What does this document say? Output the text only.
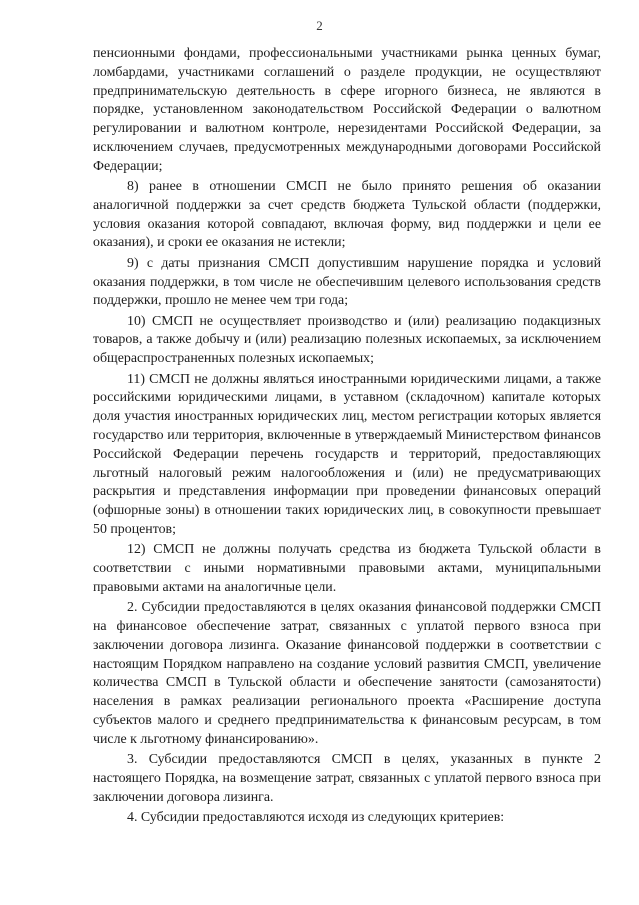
2

пенсионными фондами, профессиональными участниками рынка ценных бумаг, ломбардами, участниками соглашений о разделе продукции, не осуществляют предпринимательскую деятельность в сфере игорного бизнеса, не являются в порядке, установленном законодательством Российской Федерации о валютном регулировании и валютном контроле, нерезидентами Российской Федерации, за исключением случаев, предусмотренных международными договорами Российской Федерации;

8) ранее в отношении СМСП не было принято решения об оказании аналогичной поддержки за счет средств бюджета Тульской области (поддержки, условия оказания которой совпадают, включая форму, вид поддержки и цели ее оказания), и сроки ее оказания не истекли;

9) с даты признания СМСП допустившим нарушение порядка и условий оказания поддержки, в том числе не обеспечившим целевого использования средств поддержки, прошло не менее чем три года;

10) СМСП не осуществляет производство и (или) реализацию подакцизных товаров, а также добычу и (или) реализацию полезных ископаемых, за исключением общераспространенных полезных ископаемых;

11) СМСП не должны являться иностранными юридическими лицами, а также российскими юридическими лицами, в уставном (складочном) капитале которых доля участия иностранных юридических лиц, местом регистрации которых является государство или территория, включенные в утверждаемый Министерством финансов Российской Федерации перечень государств и территорий, предоставляющих льготный налоговый режим налогообложения и (или) не предусматривающих раскрытия и представления информации при проведении финансовых операций (офшорные зоны) в отношении таких юридических лиц, в совокупности превышает 50 процентов;

12) СМСП не должны получать средства из бюджета Тульской области в соответствии с иными нормативными правовыми актами, муниципальными правовыми актами на аналогичные цели.

2. Субсидии предоставляются в целях оказания финансовой поддержки СМСП на финансовое обеспечение затрат, связанных с уплатой первого взноса при заключении договора лизинга. Оказание финансовой поддержки в соответствии с настоящим Порядком направлено на создание условий развития СМСП, увеличение количества СМСП в Тульской области и обеспечение занятости (самозанятости) населения в рамках реализации регионального проекта «Расширение доступа субъектов малого и среднего предпринимательства к финансовым ресурсам, в том числе к льготному финансированию».

3. Субсидии предоставляются СМСП в целях, указанных в пункте 2 настоящего Порядка, на возмещение затрат, связанных с уплатой первого взноса при заключении договора лизинга.

4. Субсидии предоставляются исходя из следующих критериев:
